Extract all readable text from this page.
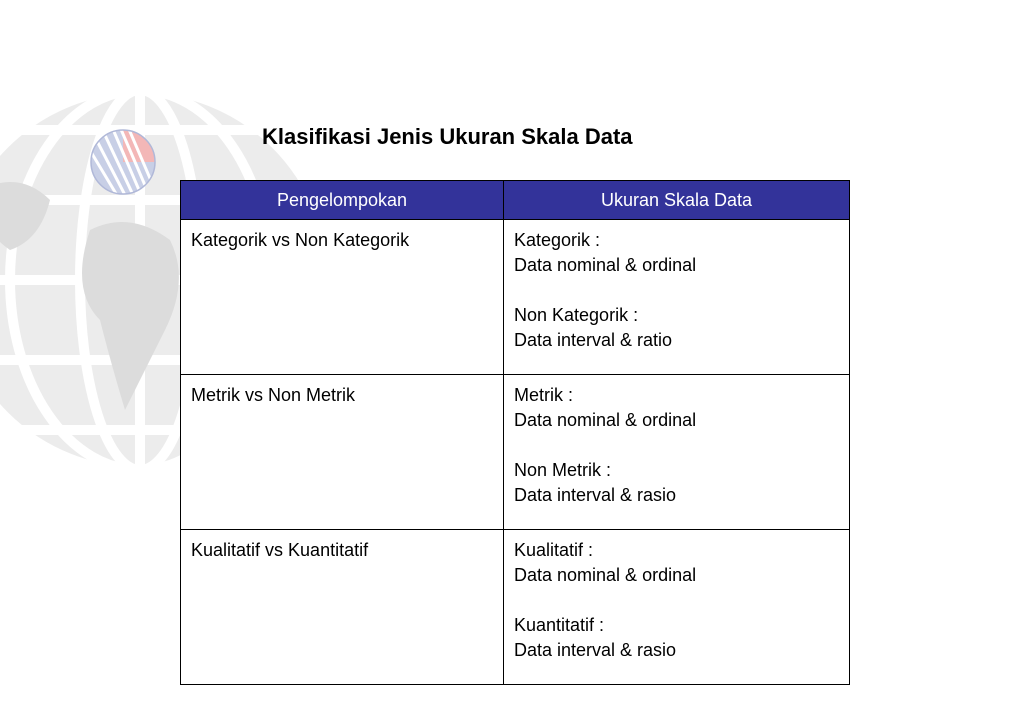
Klasifikasi Jenis Ukuran Skala Data
Pengelompokan	Ukuran Skala Data
Kategorik vs Non Kategorik	Kategorik :
Data nominal & ordinal
Non Kategorik :
Data interval & ratio

Metrik vs Non Metrik	Metrik :
Data nominal & ordinal
Non Metrik :
Data interval & rasio

Kualitatif vs Kuantitatif	Kualitatif :
Data nominal & ordinal
Kuantitatif :
Data interval & rasio
